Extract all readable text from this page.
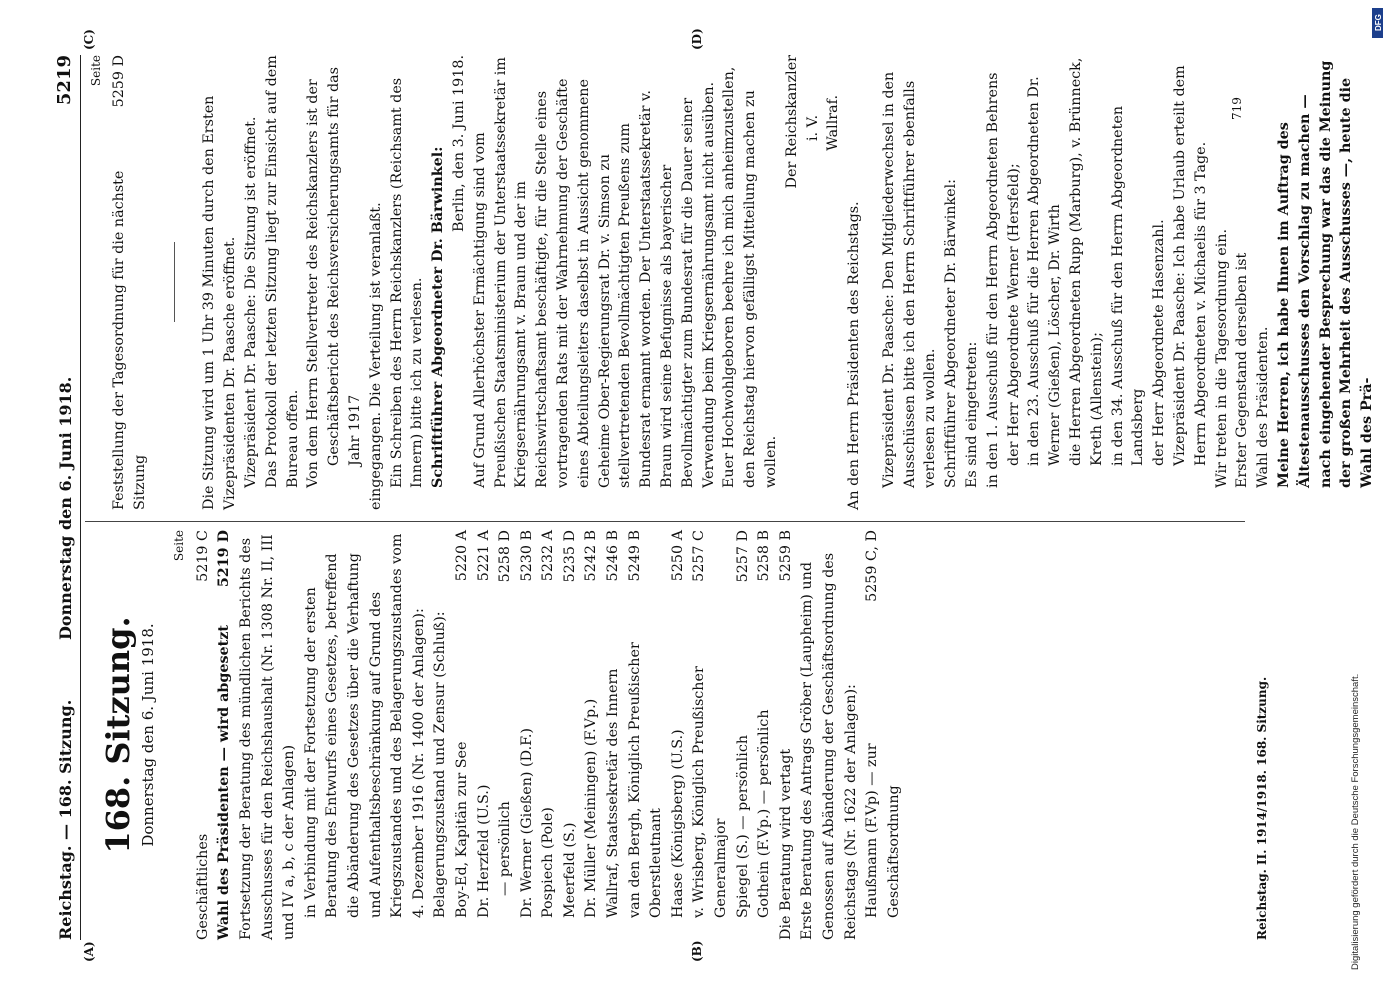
Reichstag. — 168. Sitzung.
Donnerstag den 6. Juni 1918.
5219
(A)	(B)
(C)	(D)
168. Sitzung. Donnerstag den 6. Juni 1918.
Seite
Geschäftliches
5219 C
Wahl des Präsidenten — wird abgesetzt
5219 D Fortsetzung der Beratung des mündlichen Berichts des Ausschusses für den Reichshaushalt (Nr. 1308 Nr. II, III und IV a, b, c der Anlagen) in Verbindung mit der Fortsetzung der ersten Beratung des Entwurfs eines Gesetzes, betreffend die Abänderung des Gesetzes über die Verhaftung und Aufenthaltsbeschränkung auf Grund des Kriegszustandes und des Belagerungszustandes vom 4. Dezember 1916 (Nr. 1400 der Anlagen): Belagerungszustand und Zensur (Schluß): Boy-Ed, Kapitän zur See
5220 A
Dr. Herzfeld (U.S.)
5221 A
— persönlich
5258 D
Dr. Werner (Gießen) (D.F.)
5230 B
Pospiech (Pole)
5232 A
Meerfeld (S.)
5235 D
Dr. Müller (Meiningen) (F.Vp.)
5242 B
Wallraf, Staatssekretär des Innern
5246 B
van den Bergh, Königlich Preußischer Oberstleutnant
5249 B
Haase (Königsberg) (U.S.)
5250 A
v. Wrisberg, Königlich Preußischer Generalmajor
5257 C
Spiegel (S.) — persönlich
5257 D
Gothein (F.Vp.) — persönlich
5258 B
Die Beratung wird vertagt
5259 B
Erste Beratung des Antrags Gröber (Laupheim) und Genossen auf Abänderung der Geschäftsordnung des Reichstags (Nr. 1622 der Anlagen): Haußmann (F.Vp) — zur Geschäftsordnung
5259 C, D
Seite
Feststellung der Tagesordnung für die nächste Sitzung
5259 D
Die Sitzung wird um 1 Uhr 39 Minuten durch den Ersten Vizepräsidenten Dr. Paasche eröffnet. Vizepräsident Dr. Paasche: Die Sitzung ist eröffnet. Das Protokoll der letzten Sitzung liegt zur Einsicht auf dem Bureau offen. Von dem Herrn Stellvertreter des Reichskanzlers ist der Geschäftsbericht des Reichsversicherungsamts für das Jahr 1917 eingegangen. Die Verteilung ist veranlaßt. Ein Schreiben des Herrn Reichskanzlers (Reichsamt des Innern) bitte ich zu verlesen. Schriftführer Abgeordneter Dr. Bärwinkel:
Berlin, den 3. Juni 1918. Auf Grund Allerhöchster Ermächtigung sind vom Preußischen Staatsministerium der Unterstaatssekretär im Kriegsernährungsamt v. Braun und der im Reichswirtschaftsamt beschäftigte, für die Stelle eines vortragenden Rats mit der Wahrnehmung der Geschäfte eines Abteilungsleiters daselbst in Aussicht genommene Geheime Ober-Regierungsrat Dr. v. Simson zu stellvertretenden Bevollmächtigten Preußens zum Bundesrat ernannt worden. Der Unterstaatssekretär v. Braun wird seine Befugnisse als bayerischer Bevollmächtigter zum Bundesrat für die Dauer seiner Verwendung beim Kriegsernährungsamt nicht ausüben. Euer Hochwohlgeboren beehre ich mich anheimzustellen, den Reichstag hiervon gefälligst Mitteilung machen zu wollen.
Der Reichskanzler i. V. Wallraf.
An den Herrn Präsidenten des Reichstags. Vizepräsident Dr. Paasche: Den Mitgliederwechsel in den Ausschüssen bitte ich den Herrn Schriftführer ebenfalls verlesen zu wollen. Schriftführer Abgeordneter Dr. Bärwinkel: Es sind eingetreten: in den 1. Ausschuß für den Herrn Abgeordneten Behrens der Herr Abgeordnete Werner (Hersfeld); in den 23. Ausschuß für die Herren Abgeordneten Dr. Werner (Gießen), Löscher, Dr. Wirth die Herren Abgeordneten Rupp (Marburg), v. Brünneck, Kreth (Allenstein); in den 34. Ausschuß für den Herrn Abgeordneten Landsberg der Herr Abgeordnete Hasenzahl. Vizepräsident Dr. Paasche: Ich habe Urlaub erteilt dem Herrn Abgeordneten v. Michaelis für 3 Tage. Wir treten in die Tagesordnung ein. Erster Gegenstand derselben ist Wahl des Präsidenten. Meine Herren, ich habe Ihnen im Auftrag des Ältestenausschusses den Vorschlag zu machen — nach eingehender Besprechung war das die Meinung der großen Mehrheit des Ausschusses —, heute die Wahl des Prä-
719
Reichstag. II. 1914/1918. 168. Sitzung.
DFG
Digitalisierung gefördert durch die Deutsche Forschungsgemeinschaft.
